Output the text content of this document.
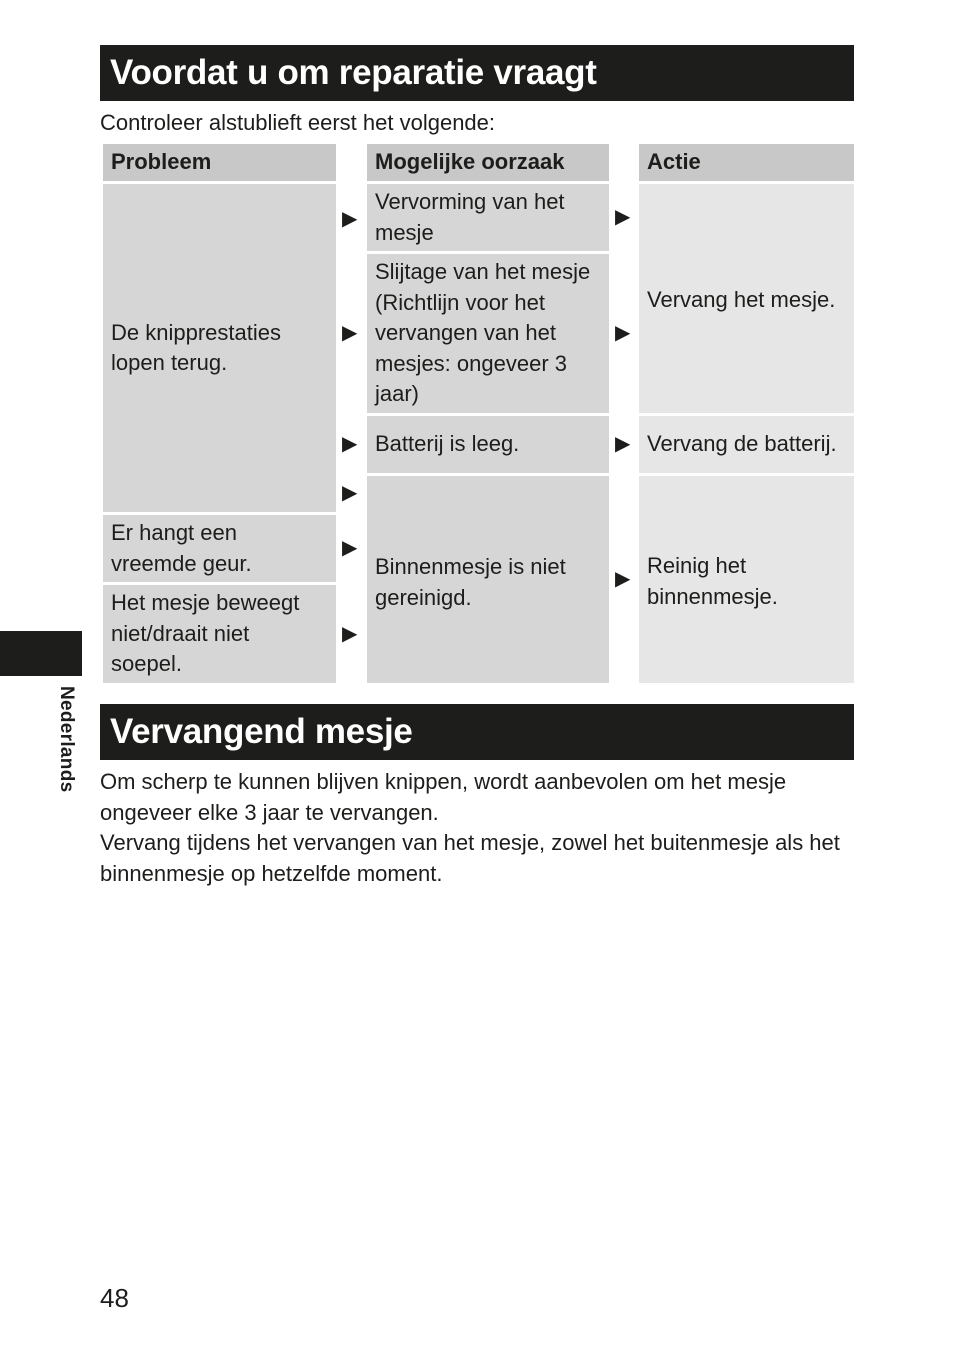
Voordat u om reparatie vraagt
Controleer alstublieft eerst het volgende:
Probleem	Mogelijke oorzaak	Actie
De knipprestaties lopen terug.
Er hangt een vreemde geur.
Het mesje beweegt niet/draait niet soepel.
Vervorming van het mesje
Slijtage van het mesje (Richtlijn voor het vervangen van het mesjes: ongeveer 3 jaar)
Batterij is leeg.
Binnenmesje is niet gereinigd.
Vervang het mesje.
Vervang de batterij.
Reinig het binnenmesje.
▶
▶
▶
▶
▶
▶
▶
▶
▶
▶
Vervangend mesje
Om scherp te kunnen blijven knippen, wordt aanbevolen om het mesje ongeveer elke 3 jaar te vervangen.
Vervang tijdens het vervangen van het mesje, zowel het buitenmesje als het binnenmesje op hetzelfde moment.
Nederlands
48
